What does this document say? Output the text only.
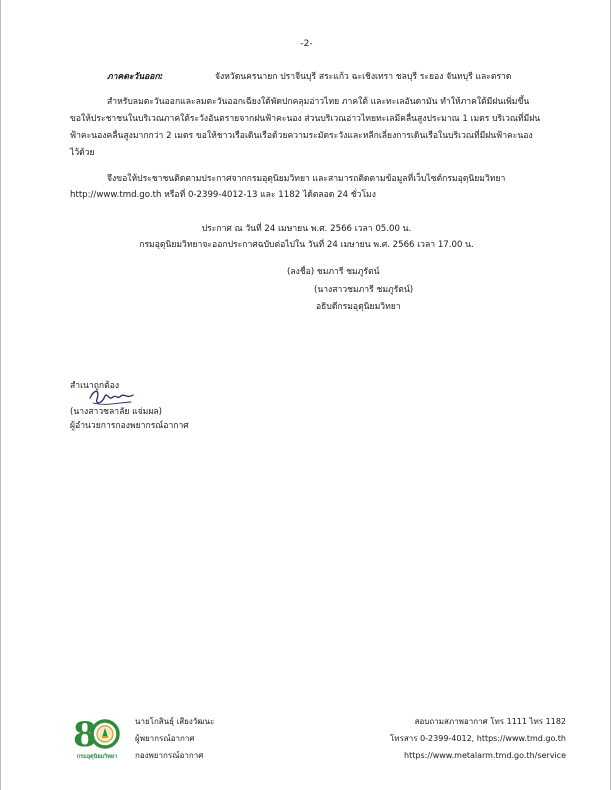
-2-
ภาคตะวันออก:	จังหวัดนครนายก ปราจีนบุรี สระแก้ว ฉะเชิงเทรา ชลบุรี ระยอง จันทบุรี และตราด
สำหรับลมตะวันออกและลมตะวันออกเฉียงใต้พัดปกคลุมอ่าวไทย ภาคใต้ และทะเลอันดามัน ทำให้ภาคใต้มีฝนเพิ่มขึ้น
ขอให้ประชาชนในบริเวณภาคใต้ระวังอันตรายจากฝนฟ้าคะนอง ส่วนบริเวณอ่าวไทยทะเลมีคลื่นสูงประมาณ 1 เมตร บริเวณที่มีฝน
ฟ้าคะนองคลื่นสูงมากกว่า 2 เมตร ขอให้ชาวเรือเดินเรือด้วยความระมัดระวังและหลีกเลี่ยงการเดินเรือในบริเวณที่มีฝนฟ้าคะนอง
ไว้ด้วย
จึงขอให้ประชาชนติดตามประกาศจากกรมอุตุนิยมวิทยา และสามารถติดตามข้อมูลที่เว็บไซต์กรมอุตุนิยมวิทยา
http://www.tmd.go.th หรือที่ 0-2399-4012-13 และ 1182 ได้ตลอด 24 ชั่วโมง
ประกาศ ณ วันที่ 24 เมษายน พ.ศ. 2566 เวลา 05.00 น.
กรมอุตุนิยมวิทยาจะออกประกาศฉบับต่อไปใน วันที่ 24 เมษายน พ.ศ. 2566 เวลา 17.00 น.
(ลงชื่อ) ชมภารี ชมภูรัตน์
(นางสาวชมภารี ชมภูรัตน์)
อธิบดีกรมอุตุนิยมวิทยา
สำเนาถูกต้อง
(นางสาวชลาลัย แจ่มผล)
ผู้อำนวยการกองพยากรณ์อากาศ
8
กรมอุตุนิยมวิทยา
นายโกสินธุ์ เสียงวัฒนะ
ผู้พยากรณ์อากาศ
กองพยากรณ์อากาศ
สอบถามสภาพอากาศ โทร 1111 ไทร 1182
โทรสาร 0-2399-4012, https://www.tmd.go.th
https://www.metalarm.tmd.go.th/service
